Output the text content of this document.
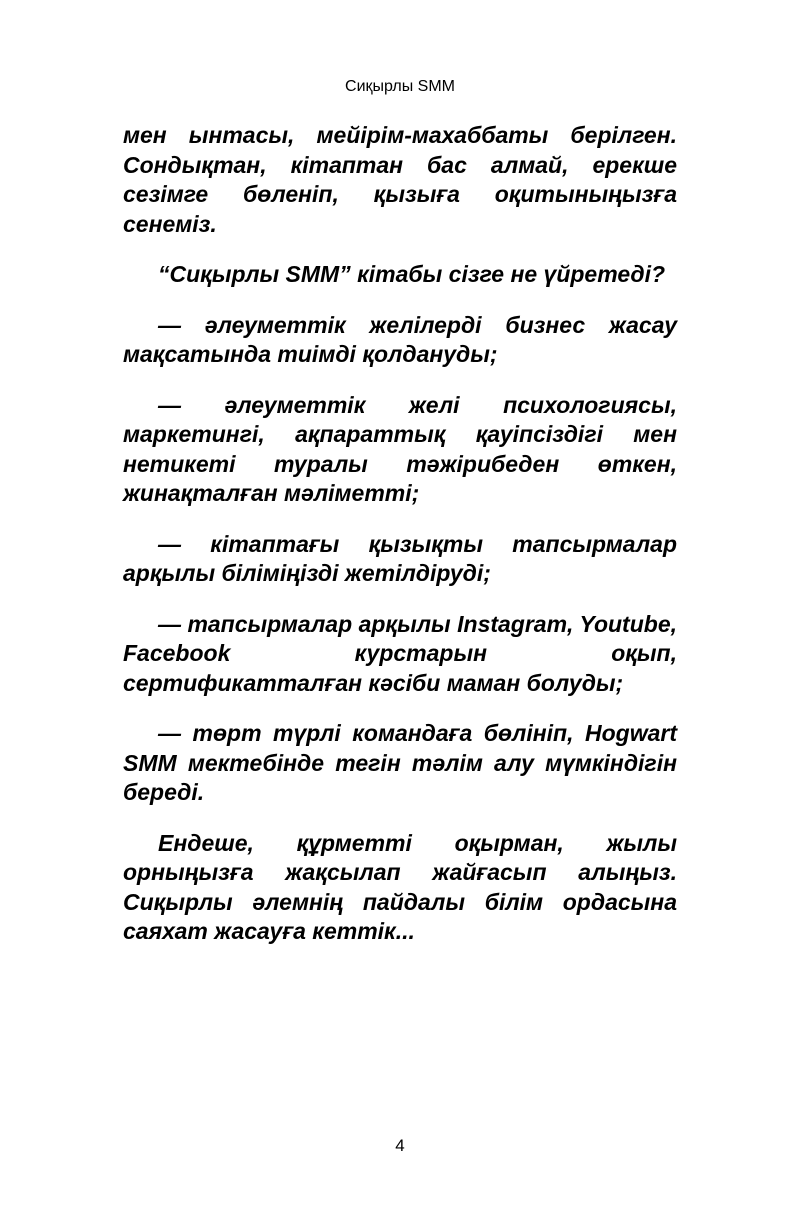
Сиқырлы SMM

мен ынтасы, мейірім-махаббаты берілген. Сондықтан, кітаптан бас алмай, ерекше сезімге бөленіп, қызыға оқитыныңызға сенеміз.

“Сиқырлы SMM” кітабы сізге не үйретеді?

— әлеуметтік желілерді бизнес жасау мақсатында тиімді қолдануды;

— әлеуметтік желі психологиясы, маркетингі, ақпараттық қауіпсіздігі мен нетикеті туралы тәжірибеден өткен, жинақталған мәліметті;

— кітаптағы қызықты тапсырмалар арқылы біліміңізді жетілдіруді;

— тапсырмалар арқылы Instagram, Youtube, Facebook курстарын оқып, сертификатталған кәсіби маман болуды;

— төрт түрлі командаға бөлініп, Hogwart SMM мектебінде тегін тәлім алу мүмкіндігін береді.

Ендеше, құрметті оқырман, жылы орныңызға жақсылап жайғасып алыңыз. Сиқырлы әлемнің пайдалы білім ордасына саяхат жасауға кеттік...

4
